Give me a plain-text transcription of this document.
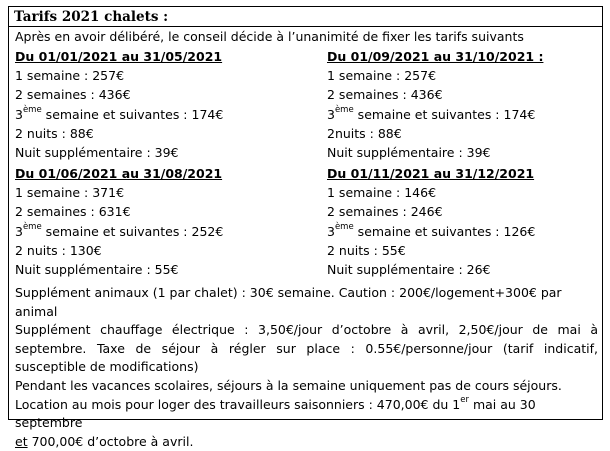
Tarifs 2021 chalets :
Après en avoir délibéré, le conseil décide à l’unanimité de fixer les tarifs suivants
Du 01/01/2021 au 31/05/2021
1 semaine : 257€
2 semaines : 436€
3ème semaine et suivantes : 174€
2 nuits : 88€
Nuit supplémentaire : 39€
Du 01/09/2021 au 31/10/2021 :
1 semaine : 257€
2 semaines : 436€
3ème semaine et suivantes : 174€
2nuits : 88€
Nuit supplémentaire : 39€
Du 01/06/2021 au 31/08/2021
1 semaine : 371€
2 semaines : 631€
3ème semaine et suivantes : 252€
2 nuits : 130€
Nuit supplémentaire : 55€
Du 01/11/2021 au 31/12/2021
1 semaine : 146€
2 semaines : 246€
3ème semaine et suivantes : 126€
2 nuits : 55€
Nuit supplémentaire : 26€
Supplément animaux (1 par chalet) : 30€ semaine. Caution : 200€/logement+300€ par animal
Supplément chauffage électrique : 3,50€/jour d’octobre à avril, 2,50€/jour de mai à septembre. Taxe de séjour à régler sur place : 0.55€/personne/jour (tarif indicatif, susceptible de modifications)
Pendant les vacances scolaires, séjours à la semaine uniquement pas de cours séjours.
Location au mois pour loger des travailleurs saisonniers : 470,00€ du 1er mai au 30 septembre
et 700,00€ d’octobre à avril.
